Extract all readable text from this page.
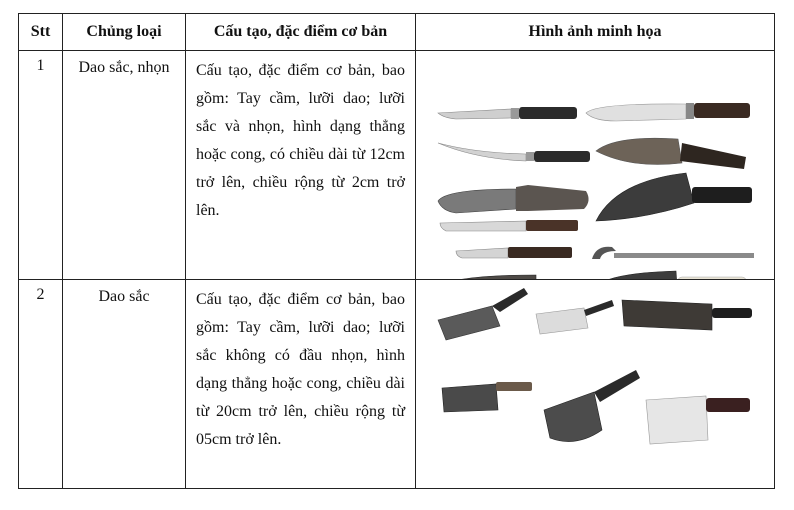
Stt	Chủng loại	Cấu tạo, đặc điểm cơ bản	Hình ảnh minh họa

1	Dao sắc, nhọn	Cấu tạo, đặc điểm cơ bản, bao gồm: Tay cầm, lưỡi dao; lưỡi sắc và nhọn, hình dạng thẳng hoặc cong, có chiều dài từ 12cm trở lên, chiều rộng từ 2cm trở lên.

2	Dao sắc	Cấu tạo, đặc điểm cơ bản, bao gồm: Tay cầm, lưỡi dao; lưỡi sắc không có đầu nhọn, hình dạng thẳng hoặc cong, chiều dài từ 20cm trở lên, chiều rộng từ 05cm trở lên.
